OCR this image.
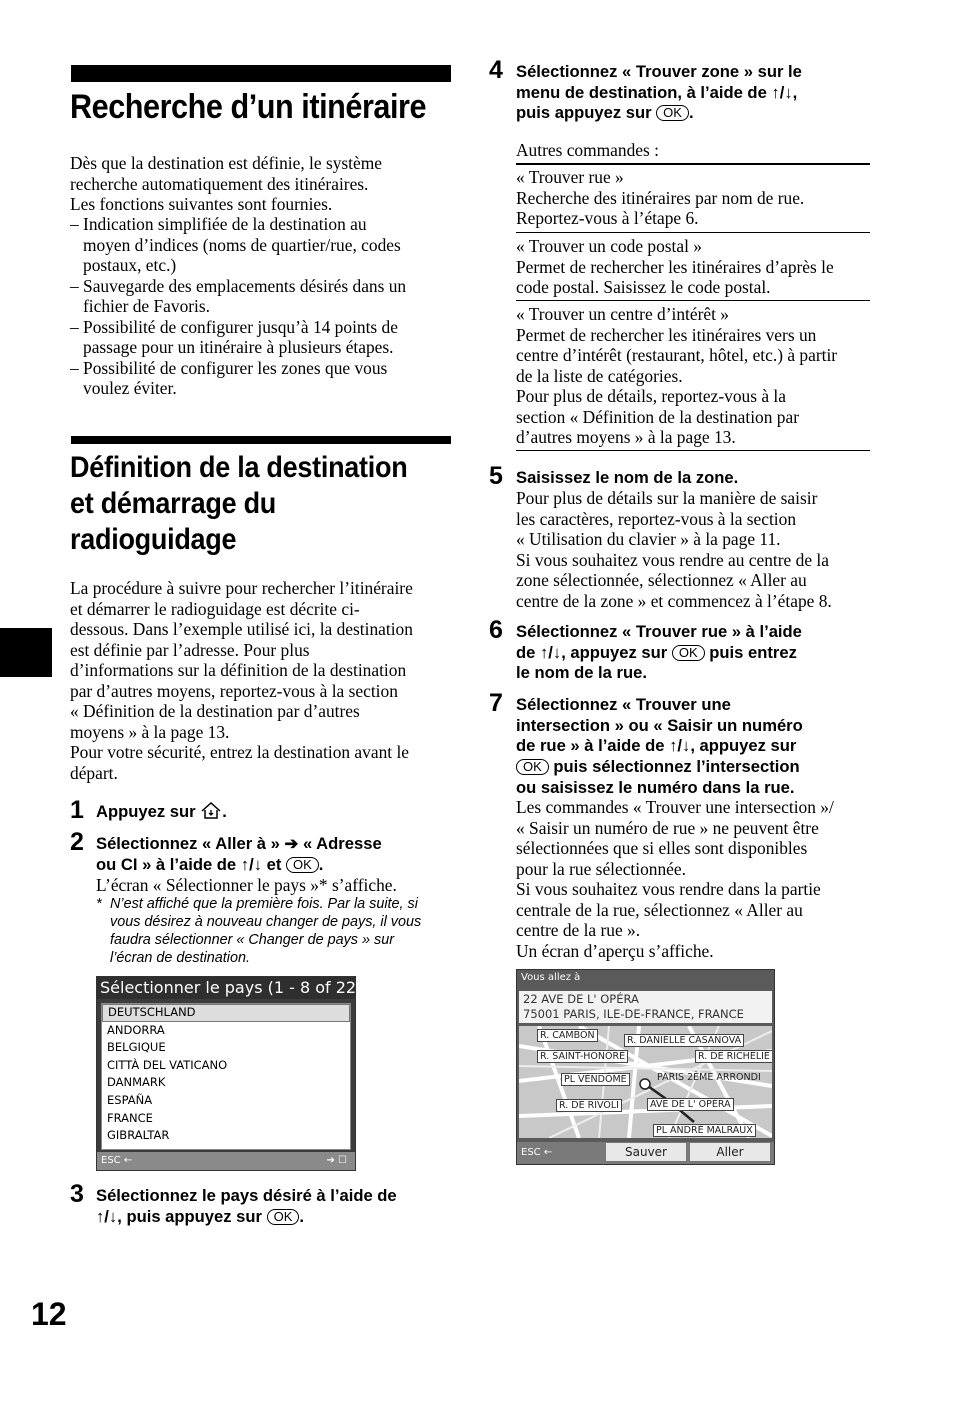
Recherche d’un itinéraire
Dès que la destination est définie, le système
recherche automatiquement des itinéraires.
Les fonctions suivantes sont fournies.
– Indication simplifiée de la destination au
moyen d’indices (noms de quartier/rue, codes
postaux, etc.)
– Sauvegarde des emplacements désirés dans un
fichier de Favoris.
– Possibilité de configurer jusqu’à 14 points de
passage pour un itinéraire à plusieurs étapes.
– Possibilité de configurer les zones que vous
voulez éviter.
Définition de la destination
et démarrage du
radioguidage
La procédure à suivre pour rechercher l’itinéraire
et démarrer le radioguidage est décrite ci-
dessous. Dans l’exemple utilisé ici, la destination
est définie par l’adresse. Pour plus
d’informations sur la définition de la destination
par d’autres moyens, reportez-vous à la section
« Définition de la destination par d’autres
moyens » à la page 13.
Pour votre sécurité, entrez la destination avant le
départ.
1 Appuyez sur .
2 Sélectionnez « Aller à » ➔ « Adresse
ou CI » à l’aide de ↑/↓ et OK .
L’écran « Sélectionner le pays »* s’affiche.
* N’est affiché que la première fois. Par la suite, si
vous désirez à nouveau changer de pays, il vous
faudra sélectionner « Changer de pays » sur
l’écran de destination.
Sélectionner le pays (1 - 8 of 22)
DEUTSCHLAND
ANDORRA
BELGIQUE
CITTÀ DEL VATICANO
DANMARK
ESPAÑA
FRANCE
GIBRALTAR
ESC ←	➔ ☐
3 Sélectionnez le pays désiré à l’aide de
↑/↓, puis appuyez sur OK .
12
4 Sélectionnez « Trouver zone » sur le
menu de destination, à l’aide de ↑/↓,
puis appuyez sur OK .
Autres commandes :
« Trouver rue »
Recherche des itinéraires par nom de rue.
Reportez-vous à l’étape 6.
« Trouver un code postal »
Permet de rechercher les itinéraires d’après le
code postal. Saisissez le code postal.
« Trouver un centre d’intérêt »
Permet de rechercher les itinéraires vers un
centre d’intérêt (restaurant, hôtel, etc.) à partir
de la liste de catégories.
Pour plus de détails, reportez-vous à la
section « Définition de la destination par
d’autres moyens » à la page 13.
5 Saisissez le nom de la zone.
Pour plus de détails sur la manière de saisir
les caractères, reportez-vous à la section
« Utilisation du clavier » à la page 11.
Si vous souhaitez vous rendre au centre de la
zone sélectionnée, sélectionnez « Aller au
centre de la zone » et commencez à l’étape 8.
6 Sélectionnez « Trouver rue » à l’aide
de ↑/↓, appuyez sur OK puis entrez
le nom de la rue.
7 Sélectionnez « Trouver une
intersection » ou « Saisir un numéro
de rue » à l’aide de ↑/↓, appuyez sur
OK puis sélectionnez l’intersection
ou saisissez le numéro dans la rue.
Les commandes « Trouver une intersection »/
« Saisir un numéro de rue » ne peuvent être
sélectionnées que si elles sont disponibles
pour la rue sélectionnée.
Si vous souhaitez vous rendre dans la partie
centrale de la rue, sélectionnez « Aller au
centre de la rue ».
Un écran d’aperçu s’affiche.
Vous allez à
22 AVE DE L' OPÉRA
75001 PARIS, ILE-DE-FRANCE, FRANCE
R. CAMBON	R. DANIELLE CASANOVA
R. SAINT-HONORÉ	R. DE RICHELIE
PL VENDÔME	PARIS 2ÈME ARRONDI
R. DE RIVOLI	AVE DE L' OPÉRA
PL ANDRÉ MALRAUX
ESC ←	Sauver	Aller
